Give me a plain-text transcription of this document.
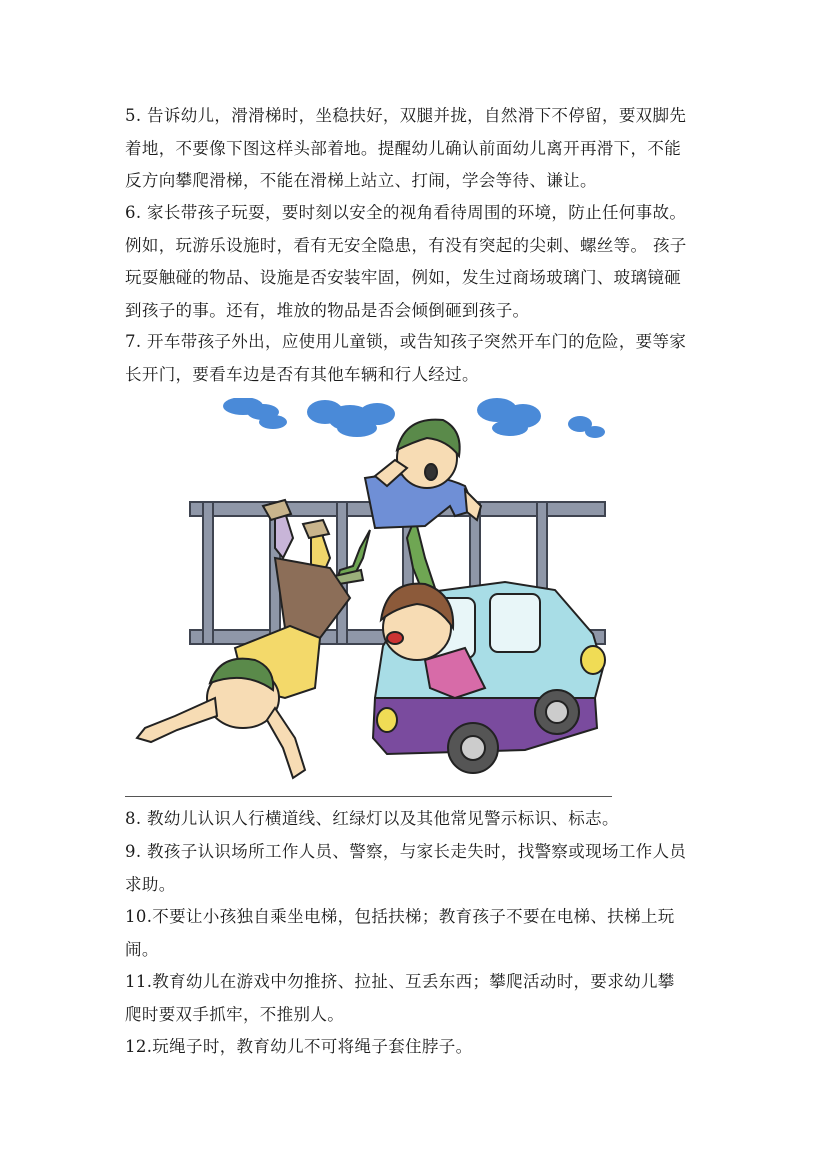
5. 告诉幼儿，滑滑梯时，坐稳扶好，双腿并拢，自然滑下不停留，要双脚先着地，不要像下图这样头部着地。提醒幼儿确认前面幼儿离开再滑下，不能反方向攀爬滑梯，不能在滑梯上站立、打闹，学会等待、谦让。

6. 家长带孩子玩耍，要时刻以安全的视角看待周围的环境，防止任何事故。例如，玩游乐设施时，看有无安全隐患，有没有突起的尖刺、螺丝等。 孩子玩耍触碰的物品、设施是否安装牢固，例如，发生过商场玻璃门、玻璃镜砸到孩子的事。还有，堆放的物品是否会倾倒砸到孩子。

7. 开车带孩子外出，应使用儿童锁，或告知孩子突然开车门的危险，要等家长开门，要看车边是否有其他车辆和行人经过。

8. 教幼儿认识人行横道线、红绿灯以及其他常见警示标识、标志。

9. 教孩子认识场所工作人员、警察，与家长走失时，找警察或现场工作人员求助。

10.不要让小孩独自乘坐电梯，包括扶梯；教育孩子不要在电梯、扶梯上玩闹。

11.教育幼儿在游戏中勿推挤、拉扯、互丢东西；攀爬活动时，要求幼儿攀爬时要双手抓牢，不推别人。

12.玩绳子时，教育幼儿不可将绳子套住脖子。
